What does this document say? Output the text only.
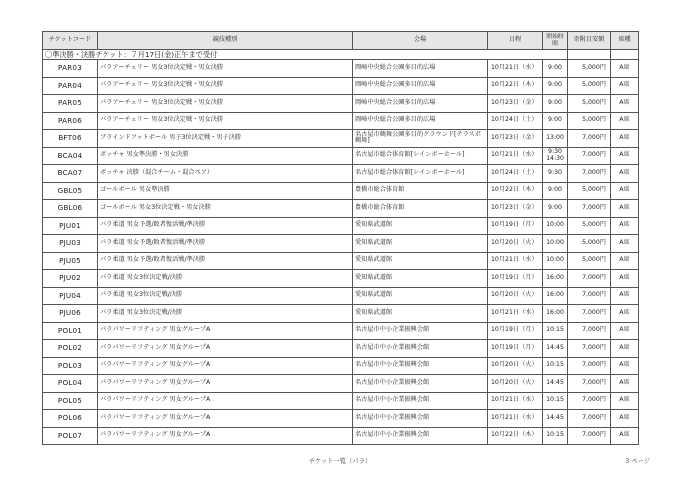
チケットコード	競技種別	会場	日程	開始時間	寄附目安額	席種
〇準決勝・決勝チケット：７月17日(金)正午まで受付						
PAR03	パラアーチェリー 男女3位決定戦・男女決勝	岡崎中央総合公園多目的広場	10月21日（水）	9:00	5,000円	A席
PAR04	パラアーチェリー 男女3位決定戦・男女決勝	岡崎中央総合公園多目的広場	10月22日（木）	9:00	5,000円	A席
PAR05	パラアーチェリー 男女3位決定戦・男女決勝	岡崎中央総合公園多目的広場	10月23日（金）	9:00	5,000円	A席
PAR06	パラアーチェリー 男女3位決定戦・男女決勝	岡崎中央総合公園多目的広場	10月24日（土）	9:00	5,000円	A席
BFT06	ブラインドフットボール 男子3位決定戦・男子決勝	名古屋市鶴舞公園多目的グラウンド[テラスポ鶴舞]	10月23日（金）	13:00	7,000円	A席
BCA04	ボッチャ 男女準決勝・男女決勝	名古屋市総合体育館[レインボーホール]	10月21日（水）	9:30 14:30	7,000円	A席
BCA07	ボッチャ 決勝（混合チーム・混合ペア）	名古屋市総合体育館[レインボーホール]	10月24日（土）	9:30	7,000円	A席
GBL05	ゴールボール 男女準決勝	豊橋市総合体育館	10月22日（木）	9:00	5,000円	A席
GBL06	ゴールボール 男女3位決定戦・男女決勝	豊橋市総合体育館	10月23日（金）	9:00	7,000円	A席
PJU01	パラ柔道 男女予選/敗者復活戦/準決勝	愛知県武道館	10月19日（月）	10:00	5,000円	A席
PJU03	パラ柔道 男女予選/敗者復活戦/準決勝	愛知県武道館	10月20日（火）	10:00	5,000円	A席
PJU05	パラ柔道 男女予選/敗者復活戦/準決勝	愛知県武道館	10月21日（水）	10:00	5,000円	A席
PJU02	パラ柔道 男女3位決定戦/決勝	愛知県武道館	10月19日（月）	16:00	7,000円	A席
PJU04	パラ柔道 男女3位決定戦/決勝	愛知県武道館	10月20日（火）	16:00	7,000円	A席
PJU06	パラ柔道 男女3位決定戦/決勝	愛知県武道館	10月21日（水）	16:00	7,000円	A席
POL01	パラパワーリフティング 男女グループA	名古屋市中小企業振興会館	10月19日（月）	10:15	7,000円	A席
POL02	パラパワーリフティング 男女グループA	名古屋市中小企業振興会館	10月19日（月）	14:45	7,000円	A席
POL03	パラパワーリフティング 男女グループA	名古屋市中小企業振興会館	10月20日（火）	10:15	7,000円	A席
POL04	パラパワーリフティング 男女グループA	名古屋市中小企業振興会館	10月20日（火）	14:45	7,000円	A席
POL05	パラパワーリフティング 男女グループA	名古屋市中小企業振興会館	10月21日（水）	10:15	7,000円	A席
POL06	パラパワーリフティング 男女グループA	名古屋市中小企業振興会館	10月21日（水）	14:45	7,000円	A席
POL07	パラパワーリフティング 男女グループA	名古屋市中小企業振興会館	10月22日（木）	10:15	7,000円	A席
チケット一覧（パラ）	3 ページ
